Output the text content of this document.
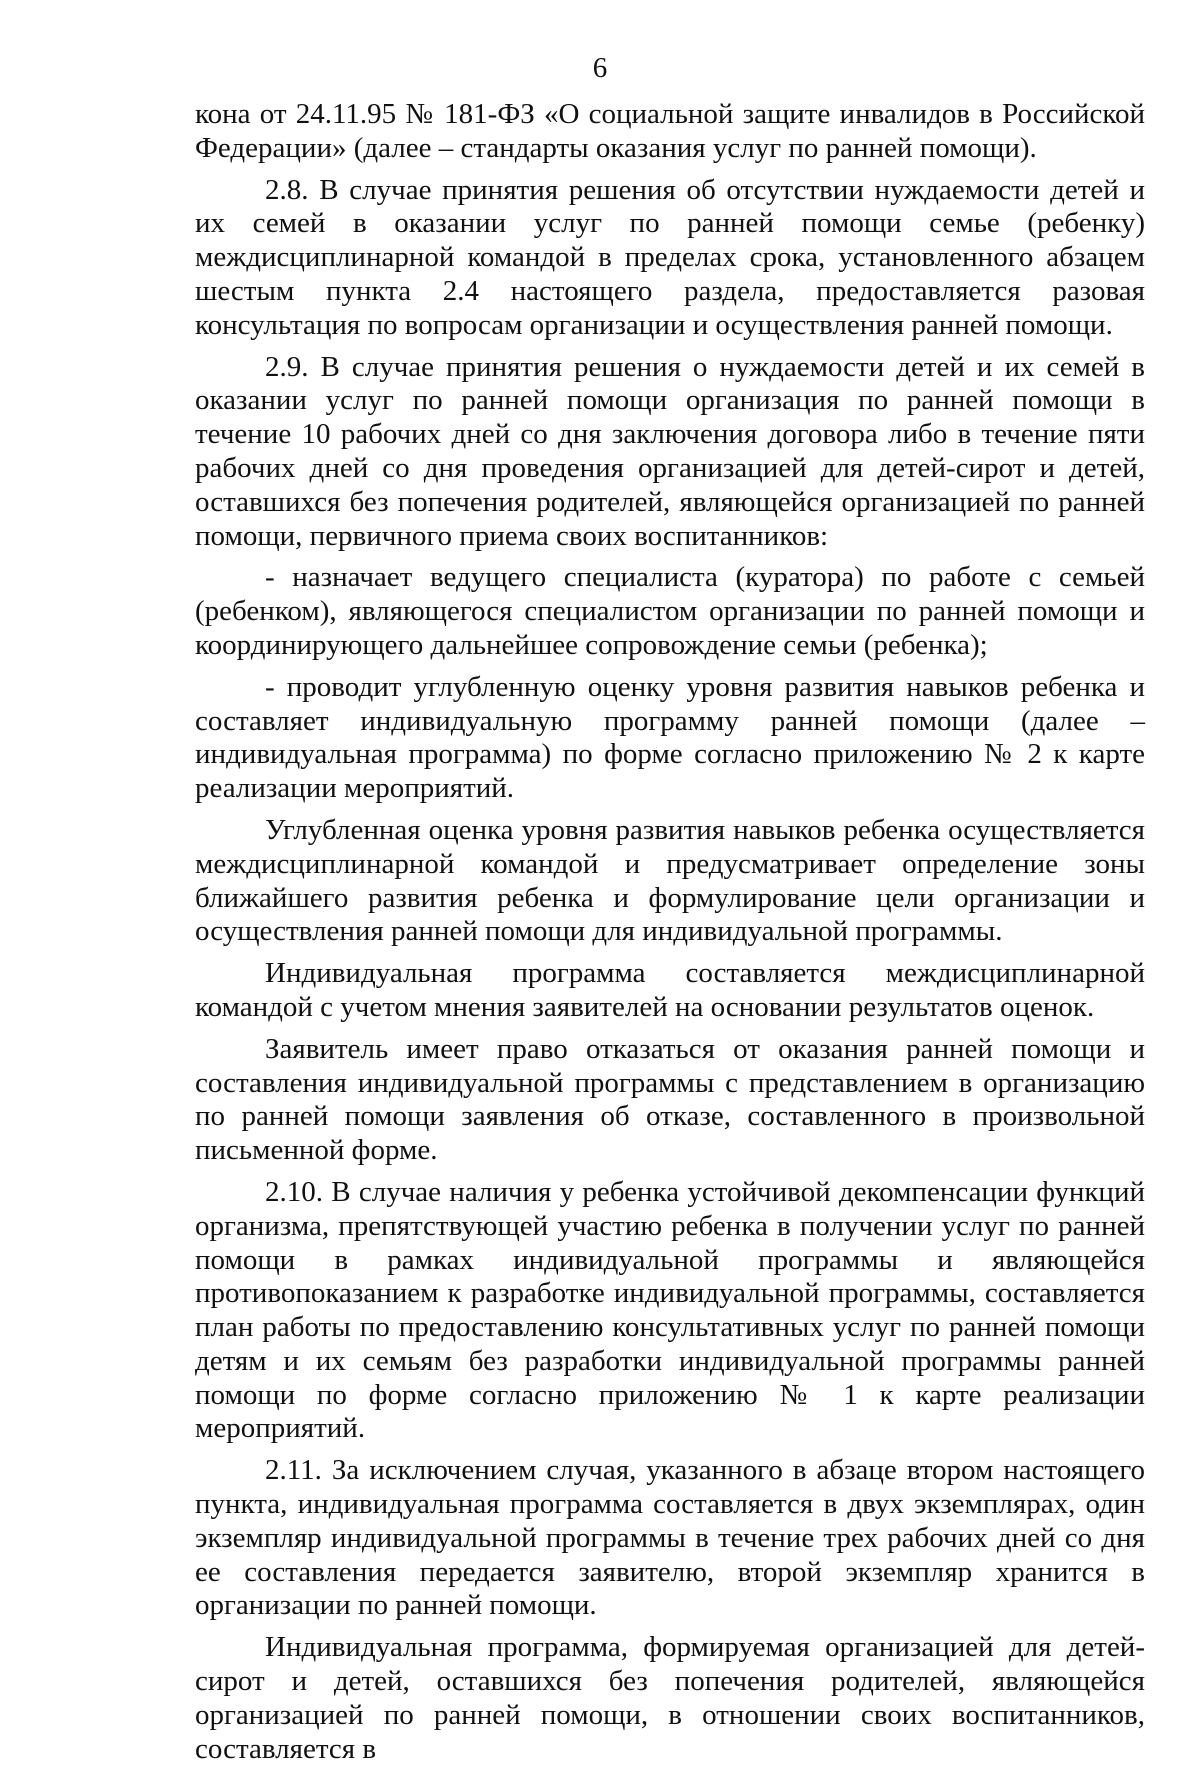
6

кона от 24.11.95 № 181-ФЗ «О социальной защите инвалидов в Российской Федерации» (далее – стандарты оказания услуг по ранней помощи).

2.8. В случае принятия решения об отсутствии нуждаемости детей и их семей в оказании услуг по ранней помощи семье (ребенку) междисциплинарной командой в пределах срока, установленного абзацем шестым пункта 2.4 настоящего раздела, предоставляется разовая консультация по вопросам организации и осуществления ранней помощи.

2.9. В случае принятия решения о нуждаемости детей и их семей в оказании услуг по ранней помощи организация по ранней помощи в течение 10 рабочих дней со дня заключения договора либо в течение пяти рабочих дней со дня проведения организацией для детей-сирот и детей, оставшихся без попечения родителей, являющейся организацией по ранней помощи, первичного приема своих воспитанников:

- назначает ведущего специалиста (куратора) по работе с семьей (ребенком), являющегося специалистом организации по ранней помощи и координирующего дальнейшее сопровождение семьи (ребенка);

- проводит углубленную оценку уровня развития навыков ребенка и составляет индивидуальную программу ранней помощи (далее – индивидуальная программа) по форме согласно приложению № 2 к карте реализации мероприятий.

Углубленная оценка уровня развития навыков ребенка осуществляется междисциплинарной командой и предусматривает определение зоны ближайшего развития ребенка и формулирование цели организации и осуществления ранней помощи для индивидуальной программы.

Индивидуальная программа составляется междисциплинарной командой с учетом мнения заявителей на основании результатов оценок.

Заявитель имеет право отказаться от оказания ранней помощи и составления индивидуальной программы с представлением в организацию по ранней помощи заявления об отказе, составленного в произвольной письменной форме.

2.10. В случае наличия у ребенка устойчивой декомпенсации функций организма, препятствующей участию ребенка в получении услуг по ранней помощи в рамках индивидуальной программы и являющейся противопоказанием к разработке индивидуальной программы, составляется план работы по предоставлению консультативных услуг по ранней помощи детям и их семьям без разработки индивидуальной программы ранней помощи по форме согласно приложению № 1 к карте реализации мероприятий.

2.11. За исключением случая, указанного в абзаце втором настоящего пункта, индивидуальная программа составляется в двух экземплярах, один экземпляр индивидуальной программы в течение трех рабочих дней со дня ее составления передается заявителю, второй экземпляр хранится в организации по ранней помощи.

Индивидуальная программа, формируемая организацией для детей-сирот и детей, оставшихся без попечения родителей, являющейся организацией по ранней помощи, в отношении своих воспитанников, составляется в
